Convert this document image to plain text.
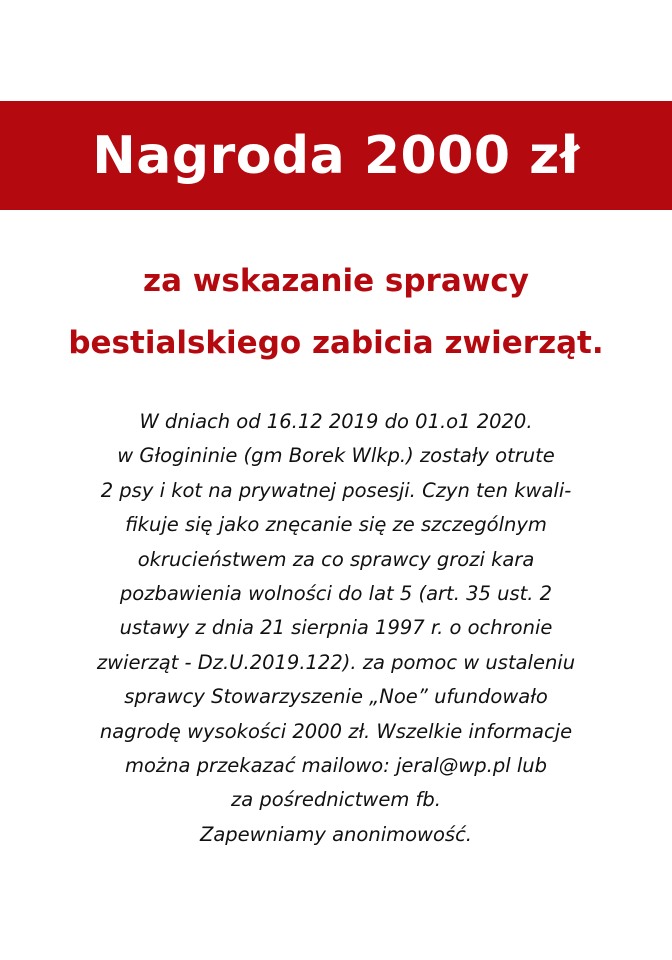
Nagroda 2000 zł
za wskazanie sprawcy
bestialskiego zabicia zwierząt.
W dniach od 16.12 2019 do 01.o1 2020.
w Głogininie (gm Borek Wlkp.) zostały otrute
2 psy i kot na prywatnej posesji. Czyn ten kwali-
fikuje się jako znęcanie się ze szczególnym
okrucieństwem za co sprawcy grozi kara
pozbawienia wolności do lat 5 (art. 35 ust. 2
ustawy z dnia 21 sierpnia 1997 r. o ochronie
zwierząt - Dz.U.2019.122). za pomoc w ustaleniu
sprawcy Stowarzyszenie „Noe” ufundowało
nagrodę wysokości 2000 zł. Wszelkie informacje
można przekazać mailowo: jeral@wp.pl lub
za pośrednictwem fb.
Zapewniamy anonimowość.
